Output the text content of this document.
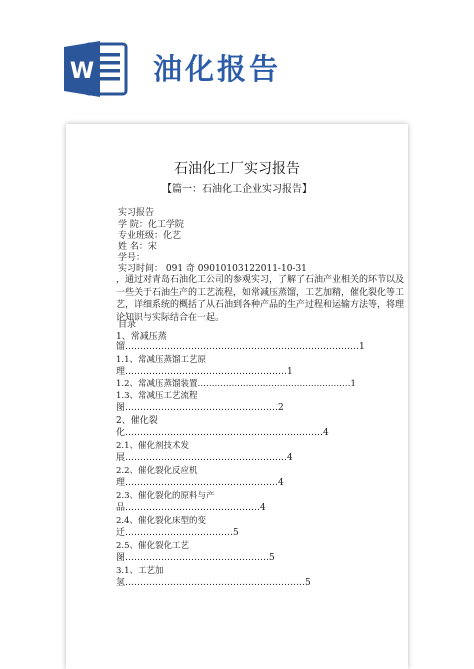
W 油化报告
石油化工厂实习报告
【篇一：石油化工企业实习报告】
实习报告
学 院：化工学院
专业班级：化艺
姓 名：宋
学号：
实习时间： 091 奇 09010103122011-10-31
，通过对青岛石油化工公司的参观实习，了解了石油产业相关的环节以及一些关于石油生产的工艺流程，如常减压蒸馏，工艺加精，催化裂化等工艺，详细系统的概括了从石油到各种产品的生产过程和运输方法等，将理论知识与实际结合在一起。
目录
1、常减压蒸
馏……………………………………………………………………1
1.1、常减压蒸馏工艺原
理………………………………………………1
1.2、常减压蒸馏装置………………………………………………1
1.3、常减压工艺流程
图……………………………………………2
2、催化裂
化…………………………………………………………4
2.1、催化剂技术发
展………………………………………………4
2.2、催化裂化反应机
理……………………………………………4
2.3、催化裂化的原料与产
品………………………………………4
2.4、催化裂化床型的变
迁………………………………5
2.5、催化裂化工艺
图…………………………………………5
3.1、工艺加
氢……………………………………………………5
